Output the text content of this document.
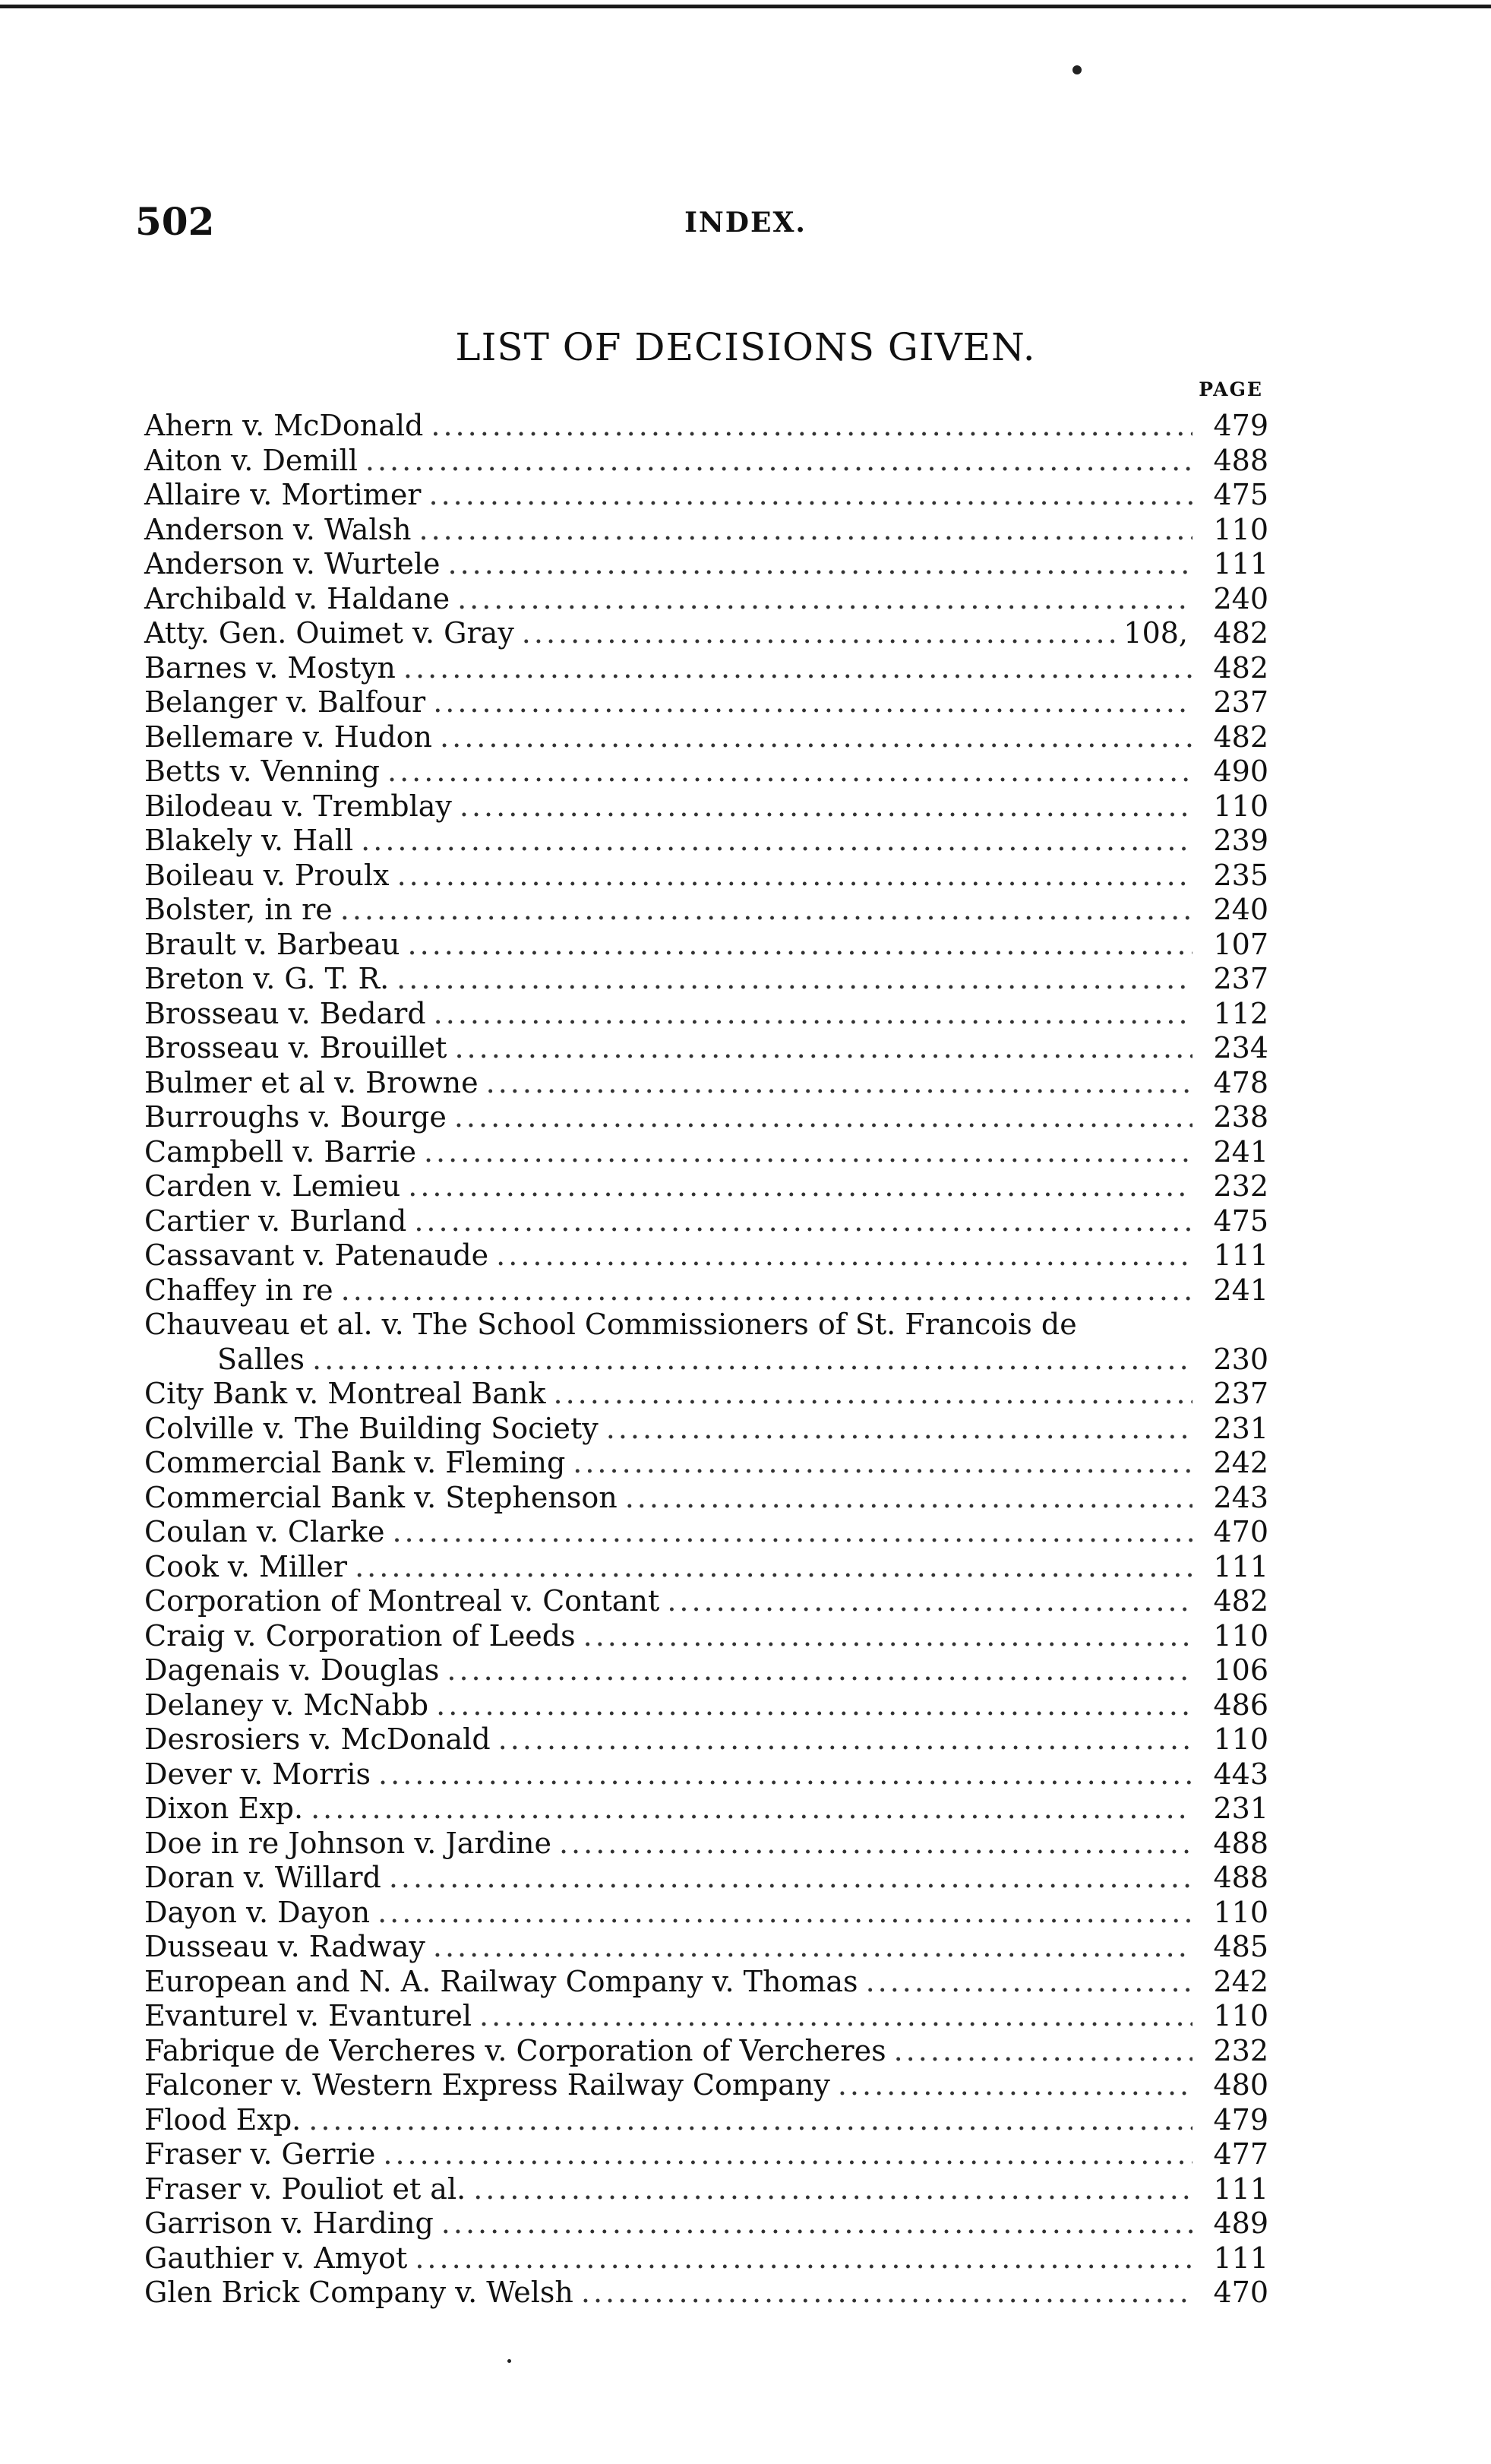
502	INDEX.
LIST OF DECISIONS GIVEN.
PAGE
Ahern v. McDonald .....	479
Aiton v. Demill .....	488
Allaire v. Mortimer .....	475
Anderson v. Walsh .....	110
Anderson v. Wurtele .....	111
Archibald v. Haldane .....	240
Atty. Gen. Ouimet v. Gray .....	108, 482
Barnes v. Mostyn .....	482
Belanger v. Balfour .....	237
Bellemare v. Hudon .....	482
Betts v. Venning .....	490
Bilodeau v. Tremblay .....	110
Blakely v. Hall .....	239
Boileau v. Proulx .....	235
Bolster, in re .....	240
Brault v. Barbeau .....	107
Breton v. G. T. R. .....	237
Brosseau v. Bedard .....	112
Brosseau v. Brouillet .....	234
Bulmer et al v. Browne .....	478
Burroughs v. Bourge .....	238
Campbell v. Barrie .....	241
Carden v. Lemieu .....	232
Cartier v. Burland .....	475
Cassavant v. Patenaude .....	111
Chaffey in re .....	241
Chauveau et al. v. The School Commissioners of St. Francois de
Salles .....	230
City Bank v. Montreal Bank .....	237
Colville v. The Building Society .....	231
Commercial Bank v. Fleming .....	242
Commercial Bank v. Stephenson .....	243
Coulan v. Clarke .....	470
Cook v. Miller .....	111
Corporation of Montreal v. Contant .....	482
Craig v. Corporation of Leeds .....	110
Dagenais v. Douglas .....	106
Delaney v. McNabb .....	486
Desrosiers v. McDonald .....	110
Dever v. Morris .....	443
Dixon Exp. .....	231
Doe in re Johnson v. Jardine .....	488
Doran v. Willard .....	488
Dayon v. Dayon .....	110
Dusseau v. Radway .....	485
European and N. A. Railway Company v. Thomas .....	242
Evanturel v. Evanturel .....	110
Fabrique de Vercheres v. Corporation of Vercheres .....	232
Falconer v. Western Express Railway Company .....	480
Flood Exp. .....	479
Fraser v. Gerrie .....	477
Fraser v. Pouliot et al. .....	111
Garrison v. Harding .....	489
Gauthier v. Amyot .....	111
Glen Brick Company v. Welsh .....	470
